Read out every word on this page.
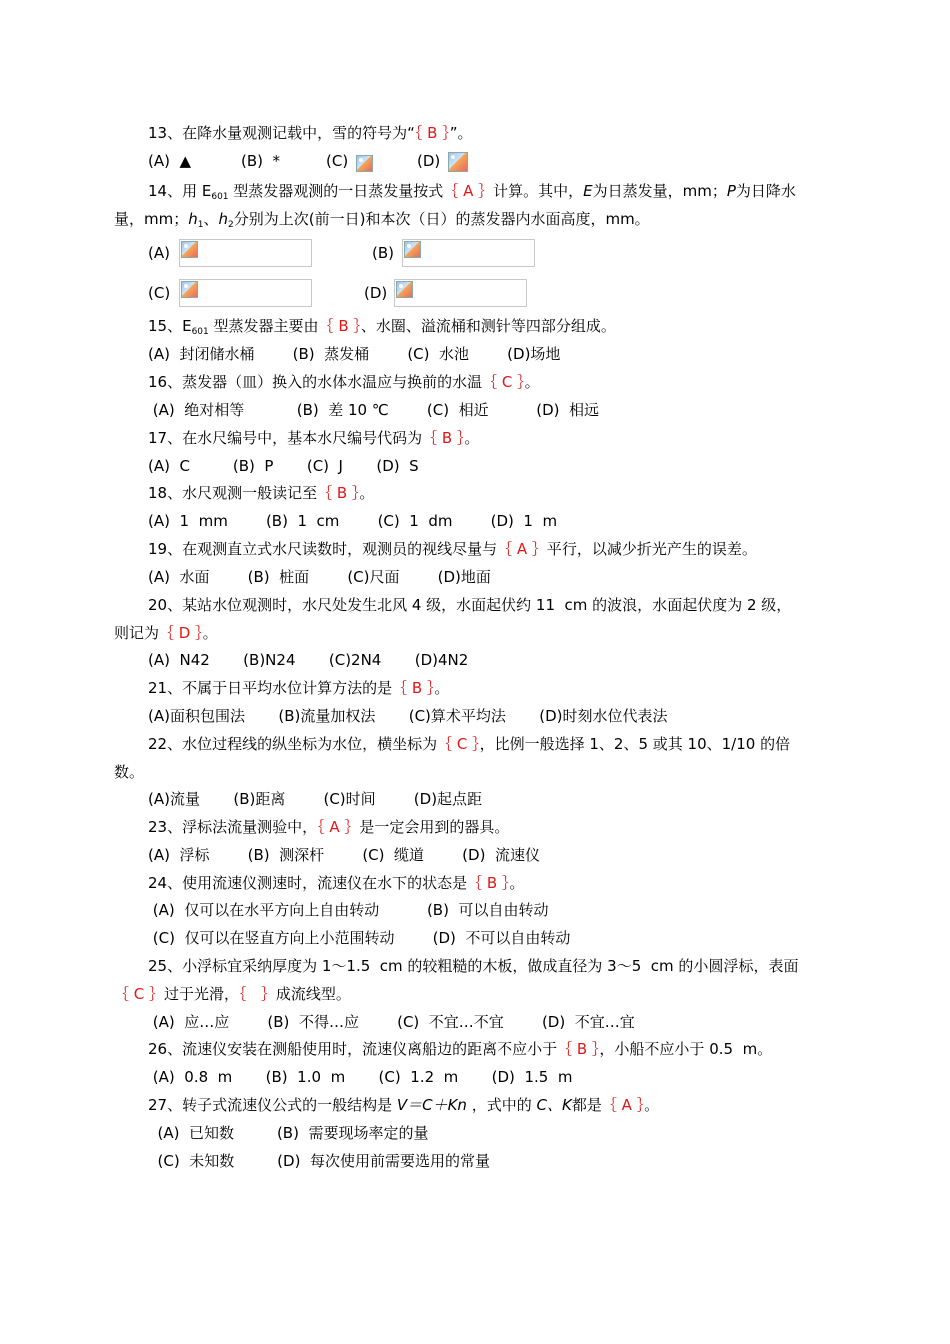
13、在降水量观测记载中，雪的符号为“｛ B ｝”。
(A)  ▲	(B)  *	(C)	(D)
14、用 $E_{601}$ 型蒸发器观测的一日蒸发量按式｛ A ｝计算。其中，E为日蒸发量，mm；P为日降水
量，mm；$h_1$、$h_2$分别为上次(前一日)和本次（日）的蒸发器内水面高度，mm。
(A)	(B)
(C)	(D)
15、$E_{601}$ 型蒸发器主要由｛ B ｝、水圈、溢流桶和测针等四部分组成。
(A)  封闭储水桶        (B)  蒸发桶        (C)  水池        (D)场地
16、蒸发器（皿）换入的水体水温应与换前的水温｛ C ｝。
(A)  绝对相等           (B)  差 10 ℃        (C)  相近          (D)  相远
17、在水尺编号中，基本水尺编号代码为｛ B ｝。
(A)  C         (B)  P       (C)  J       (D)  S
18、水尺观测一般读记至｛ B ｝。
(A)  1  mm        (B)  1  cm        (C)  1  dm        (D)  1  m
19、在观测直立式水尺读数时，观测员的视线尽量与｛ A ｝平行，以减少折光产生的误差。
(A)  水面        (B)  桩面        (C)尺面        (D)地面
20、某站水位观测时，水尺处发生北风 4 级，水面起伏约 11  cm 的波浪，水面起伏度为 2 级，
则记为｛ D ｝。
(A)  N42       (B)N24       (C)2N4       (D)4N2
21、不属于日平均水位计算方法的是｛ B ｝。
(A)面积包围法       (B)流量加权法       (C)算术平均法       (D)时刻水位代表法
22、水位过程线的纵坐标为水位，横坐标为｛ C ｝，比例一般选择 1、2、5 或其 10、1/10 的倍
数。
(A)流量       (B)距离        (C)时间        (D)起点距
23、浮标法流量测验中，｛ A ｝是一定会用到的器具。
(A)  浮标        (B)  测深杆        (C)  缆道        (D)  流速仪
24、使用流速仪测速时，流速仪在水下的状态是｛ B ｝。
(A)  仅可以在水平方向上自由转动          (B)  可以自由转动
(C)  仅可以在竖直方向上小范围转动        (D)  不可以自由转动
25、小浮标宜采纳厚度为 1～1.5  cm 的较粗糙的木板，做成直径为 3～5  cm 的小圆浮标，表面
｛ C ｝过于光滑，｛   ｝成流线型。
(A)  应…应        (B)  不得…应        (C)  不宜…不宜        (D)  不宜…宜
26、流速仪安装在测船使用时，流速仪离船边的距离不应小于｛ B ｝，小船不应小于 0.5  m。
(A)  0.8  m       (B)  1.0  m       (C)  1.2  m       (D)  1.5  m
27、转子式流速仪公式的一般结构是 V＝C＋Kn ，式中的 C、K都是｛ A ｝。
(A)  已知数         (B)  需要现场率定的量
(C)  未知数         (D)  每次使用前需要选用的常量
